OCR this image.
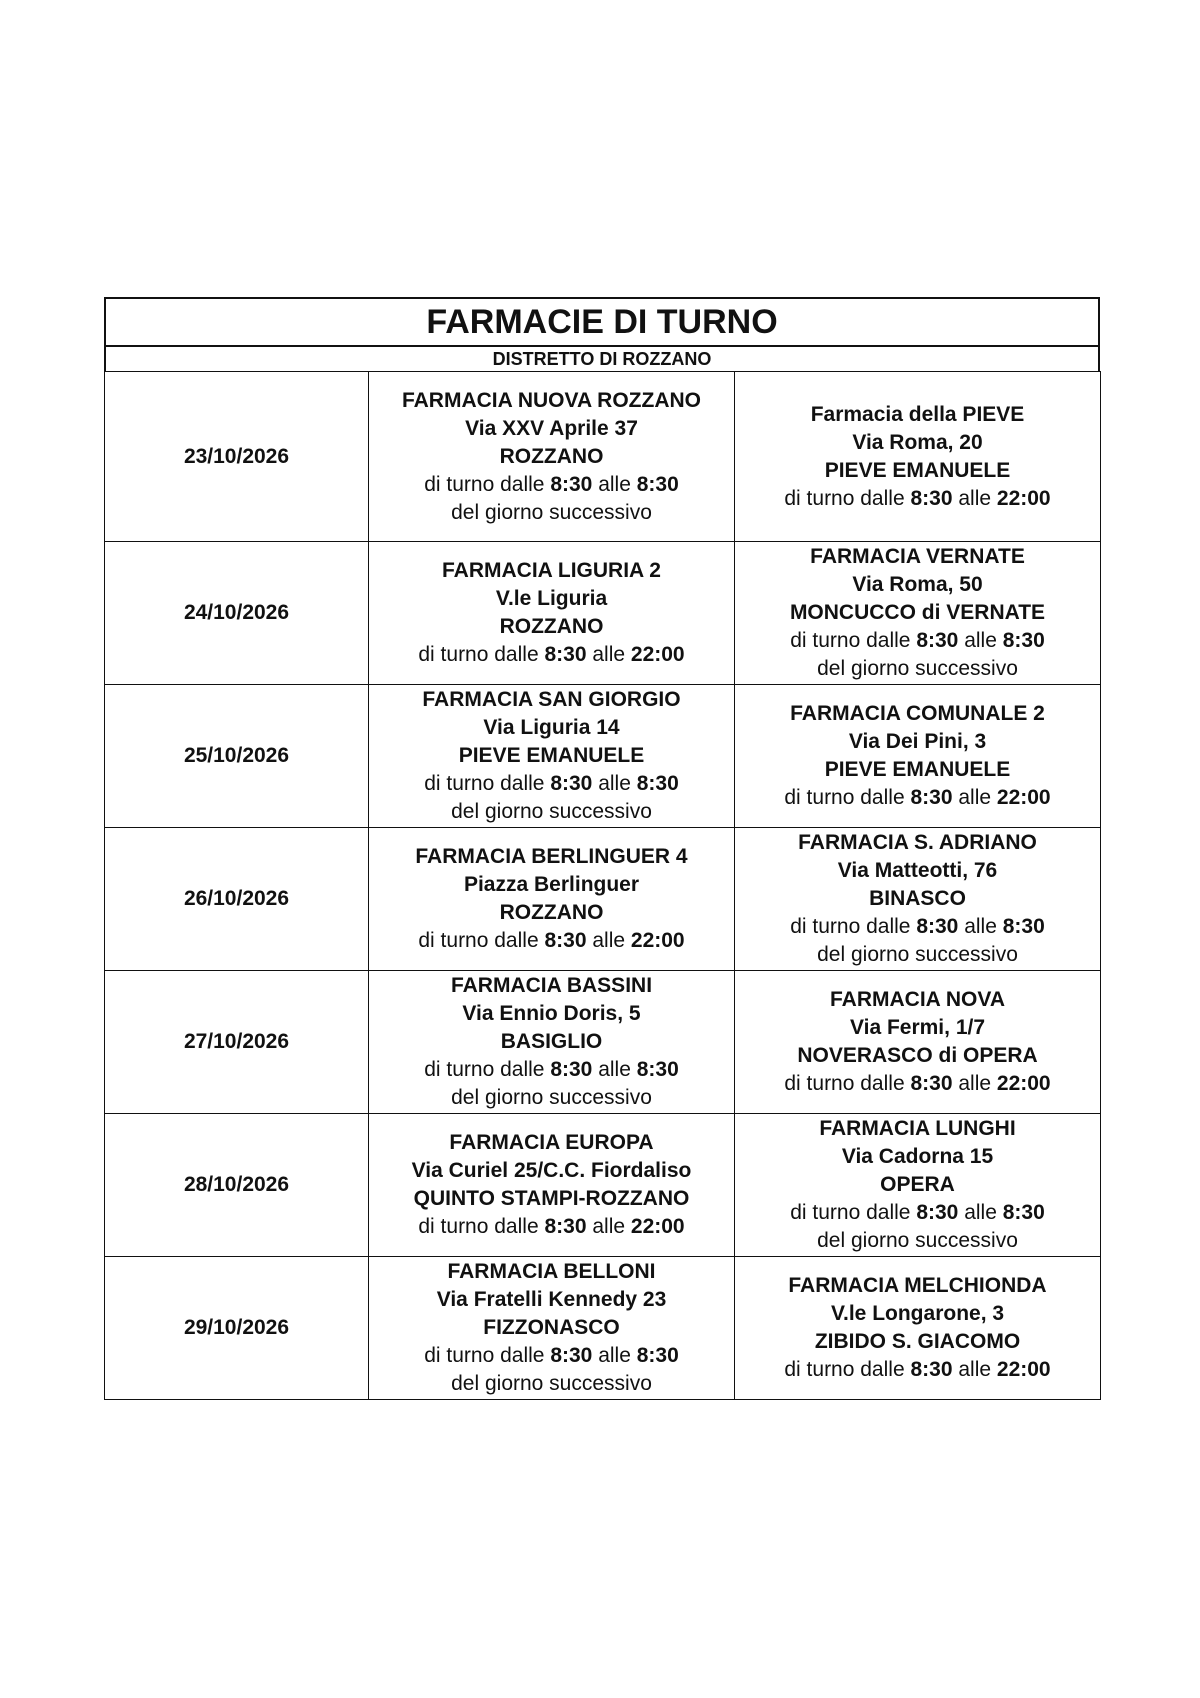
FARMACIE DI TURNO
DISTRETTO DI ROZZANO
23/10/2026	FARMACIA NUOVA ROZZANO
Via XXV Aprile 37
ROZZANO
di turno dalle 8:30 alle 8:30
del giorno successivo	Farmacia della PIEVE
Via Roma, 20
PIEVE EMANUELE
di turno dalle 8:30 alle 22:00

24/10/2026	FARMACIA LIGURIA 2
V.le Liguria
ROZZANO
di turno dalle 8:30 alle 22:00	FARMACIA VERNATE
Via Roma, 50
MONCUCCO di VERNATE
di turno dalle 8:30 alle 8:30
del giorno successivo

25/10/2026	FARMACIA SAN GIORGIO
Via Liguria 14
PIEVE EMANUELE
di turno dalle 8:30 alle 8:30
del giorno successivo	FARMACIA COMUNALE 2
Via Dei Pini, 3
PIEVE EMANUELE
di turno dalle 8:30 alle 22:00

26/10/2026	FARMACIA BERLINGUER 4
Piazza Berlinguer
ROZZANO
di turno dalle 8:30 alle 22:00	FARMACIA S. ADRIANO
Via Matteotti, 76
BINASCO
di turno dalle 8:30 alle 8:30
del giorno successivo

27/10/2026	FARMACIA BASSINI
Via Ennio Doris, 5
BASIGLIO
di turno dalle 8:30 alle 8:30
del giorno successivo	FARMACIA NOVA
Via Fermi, 1/7
NOVERASCO di OPERA
di turno dalle 8:30 alle 22:00

28/10/2026	FARMACIA EUROPA
Via Curiel 25/C.C. Fiordaliso
QUINTO STAMPI-ROZZANO
di turno dalle 8:30 alle 22:00	FARMACIA LUNGHI
Via Cadorna 15
OPERA
di turno dalle 8:30 alle 8:30
del giorno successivo

29/10/2026	FARMACIA BELLONI
Via Fratelli Kennedy 23
FIZZONASCO
di turno dalle 8:30 alle 8:30
del giorno successivo	FARMACIA MELCHIONDA
V.le Longarone, 3
ZIBIDO S. GIACOMO
di turno dalle 8:30 alle 22:00
